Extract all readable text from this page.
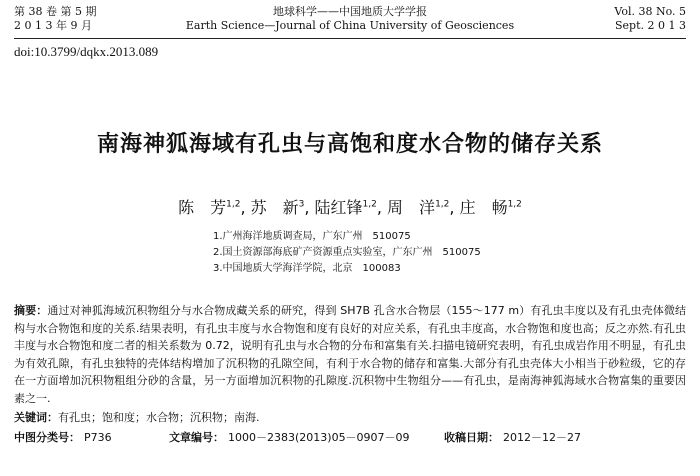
第 38 卷 第 5 期
2 0 1 3 年 9 月
地球科学——中国地质大学学报
Earth Science—Journal of China University of Geosciences
Vol. 38 No. 5
Sept. 2 0 1 3
doi:10.3799/dqkx.2013.089
南海神狐海域有孔虫与高饱和度水合物的储存关系
陈　芳$^{1,2}$, 苏　新$^3$, 陆红锋$^{1,2}$, 周　洋$^{1,2}$, 庄　畅$^{1,2}$
1.广州海洋地质调查局，广东广州　510075
2.国土资源部海底矿产资源重点实验室，广东广州　510075
3.中国地质大学海洋学院，北京　100083
摘要：通过对神狐海域沉积物组分与水合物成藏关系的研究，得到 SH7B 孔含水合物层（155～177 m）有孔虫丰度以及有孔虫壳体微结构与水合物饱和度的关系.结果表明，有孔虫丰度与水合物饱和度有良好的对应关系，有孔虫丰度高，水合物饱和度也高；反之亦然.有孔虫丰度与水合物饱和度二者的相关系数为 0.72，说明有孔虫与水合物的分布和富集有关.扫描电镜研究表明，有孔虫成岩作用不明显，有孔虫为有效孔隙，有孔虫独特的壳体结构增加了沉积物的孔隙空间，有利于水合物的储存和富集.大部分有孔虫壳体大小相当于砂粒级，它的存在一方面增加沉积物粗组分砂的含量，另一方面增加沉积物的孔隙度.沉积物中生物组分——有孔虫，是南海神狐海域水合物富集的重要因素之一.
关键词：有孔虫；饱和度；水合物；沉积物；南海.
中图分类号： P736	文章编号： 1000－2383(2013)05－0907－09	收稿日期： 2012－12－27
